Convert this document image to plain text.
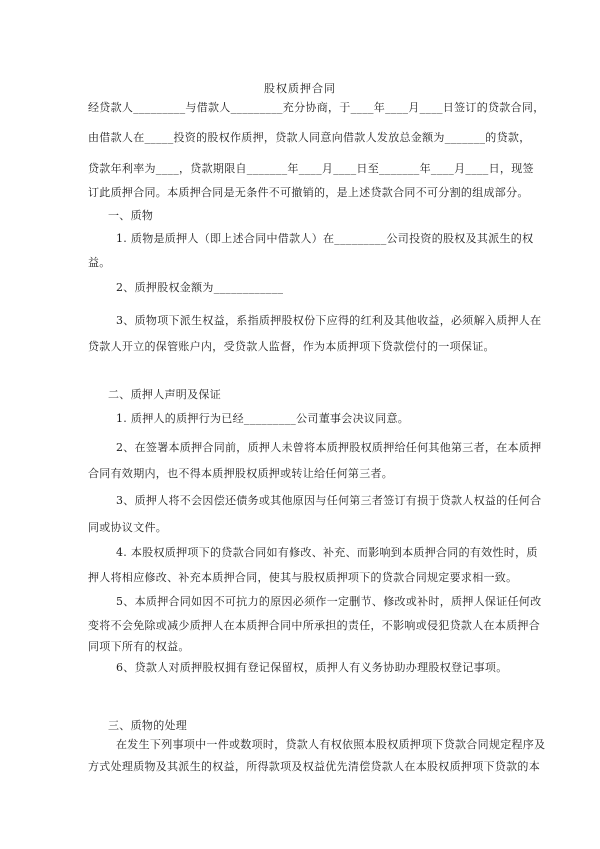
股权质押合同
经贷款人_________与借款人_________充分协商，于____年____月____日签订的贷款合同，
由借款人在_____投资的股权作质押，贷款人同意向借款人发放总金额为_______的贷款，
贷款年利率为____，贷款期限自_______年____月____日至_______年____月____日，现签
订此质押合同。本质押合同是无条件不可撤销的，是上述贷款合同不可分割的组成部分。
一、质物
1. 质物是质押人（即上述合同中借款人）在_________公司投资的股权及其派生的权
益。
2、质押股权金额为____________
3、质物项下派生权益，系指质押股权份下应得的红利及其他收益，必须解入质押人在
贷款人开立的保管账户内，受贷款人监督，作为本质押项下贷款偿付的一项保证。
二、质押人声明及保证
1. 质押人的质押行为已经_________公司董事会决议同意。
2、在签署本质押合同前，质押人未曾将本质押股权质押给任何其他第三者，在本质押
合同有效期内，也不得本质押股权质押或转让给任何第三者。
3、质押人将不会因偿还债务或其他原因与任何第三者签订有损于贷款人权益的任何合
同或协议文件。
4. 本股权质押项下的贷款合同如有修改、补充、而影响到本质押合同的有效性时，质
押人将相应修改、补充本质押合同，使其与股权质押项下的贷款合同规定要求相一致。
5、本质押合同如因不可抗力的原因必须作一定删节、修改或补时，质押人保证任何改
变将不会免除或减少质押人在本质押合同中所承担的责任，不影响或侵犯贷款人在本质押合
同项下所有的权益。
6、贷款人对质押股权拥有登记保留权，质押人有义务协助办理股权登记事项。
三、质物的处理
在发生下列事项中一件或数项时，贷款人有权依照本股权质押项下贷款合同规定程序及
方式处理质物及其派生的权益，所得款项及权益优先清偿贷款人在本股权质押项下贷款的本
